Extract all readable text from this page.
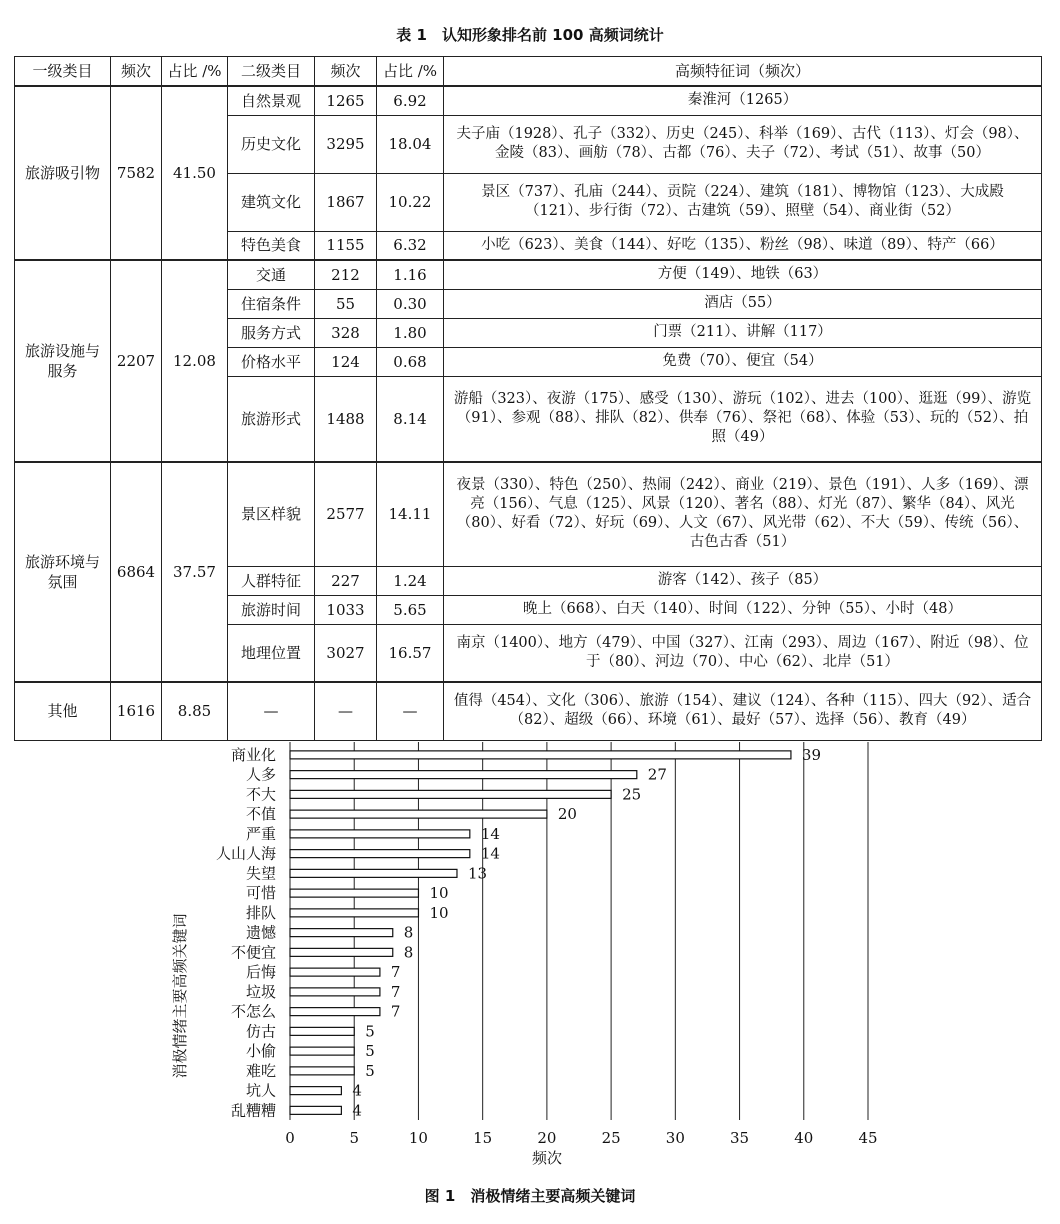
表 1　认知形象排名前 100 高频词统计
一级类目	频次	占比 /%	二级类目	频次	占比 /%	高频特征词（频次）
旅游吸引物	7582	41.50	自然景观	1265	6.92	秦淮河（1265）
			历史文化	3295	18.04	夫子庙（1928）、孔子（332）、历史（245）、科举（169）、古代（113）、灯会（98）、金陵（83）、画舫（78）、古都（76）、夫子（72）、考试（51）、故事（50）
			建筑文化	1867	10.22	景区（737）、孔庙（244）、贡院（224）、建筑（181）、博物馆（123）、大成殿（121）、步行街（72）、古建筑（59）、照壁（54）、商业街（52）
			特色美食	1155	6.32	小吃（623）、美食（144）、好吃（135）、粉丝（98）、味道（89）、特产（66）
旅游设施与服务	2207	12.08	交通	212	1.16	方便（149）、地铁（63）
			住宿条件	55	0.30	酒店（55）
			服务方式	328	1.80	门票（211）、讲解（117）
			价格水平	124	0.68	免费（70）、便宜（54）
			旅游形式	1488	8.14	游船（323）、夜游（175）、感受（130）、游玩（102）、进去（100）、逛逛（99）、游览（91）、参观（88）、排队（82）、供奉（76）、祭祀（68）、体验（53）、玩的（52）、拍照（49）
旅游环境与氛围	6864	37.57	景区样貌	2577	14.11	夜景（330）、特色（250）、热闹（242）、商业（219）、景色（191）、人多（169）、漂亮（156）、气息（125）、风景（120）、著名（88）、灯光（87）、繁华（84）、风光（80）、好看（72）、好玩（69）、人文（67）、风光带（62）、不大（59）、传统（56）、古色古香（51）
			人群特征	227	1.24	游客（142）、孩子（85）
			旅游时间	1033	5.65	晚上（668）、白天（140）、时间（122）、分钟（55）、小时（48）
			地理位置	3027	16.57	南京（1400）、地方（479）、中国（327）、江南（293）、周边（167）、附近（98）、位于（80）、河边（70）、中心（62）、北岸（51）
其他	1616	8.85	—	—	—	值得（454）、文化（306）、旅游（154）、建议（124）、各种（115）、四大（92）、适合（82）、超级（66）、环境（61）、最好（57）、选择（56）、教育（49）
0	5	10	15	20	25	30	35	40	45
商业化	39
人多	27
不大	25
不值	20
严重	14
人山人海	14
失望	13
可惜	10
排队	10
遗憾	8
不便宜	8
后悔	7
垃圾	7
不怎么	7
仿古	5
小偷	5
难吃	5
坑人	4
乱糟糟	4
频次
消极情绪主要高频关键词
图 1　消极情绪主要高频关键词
